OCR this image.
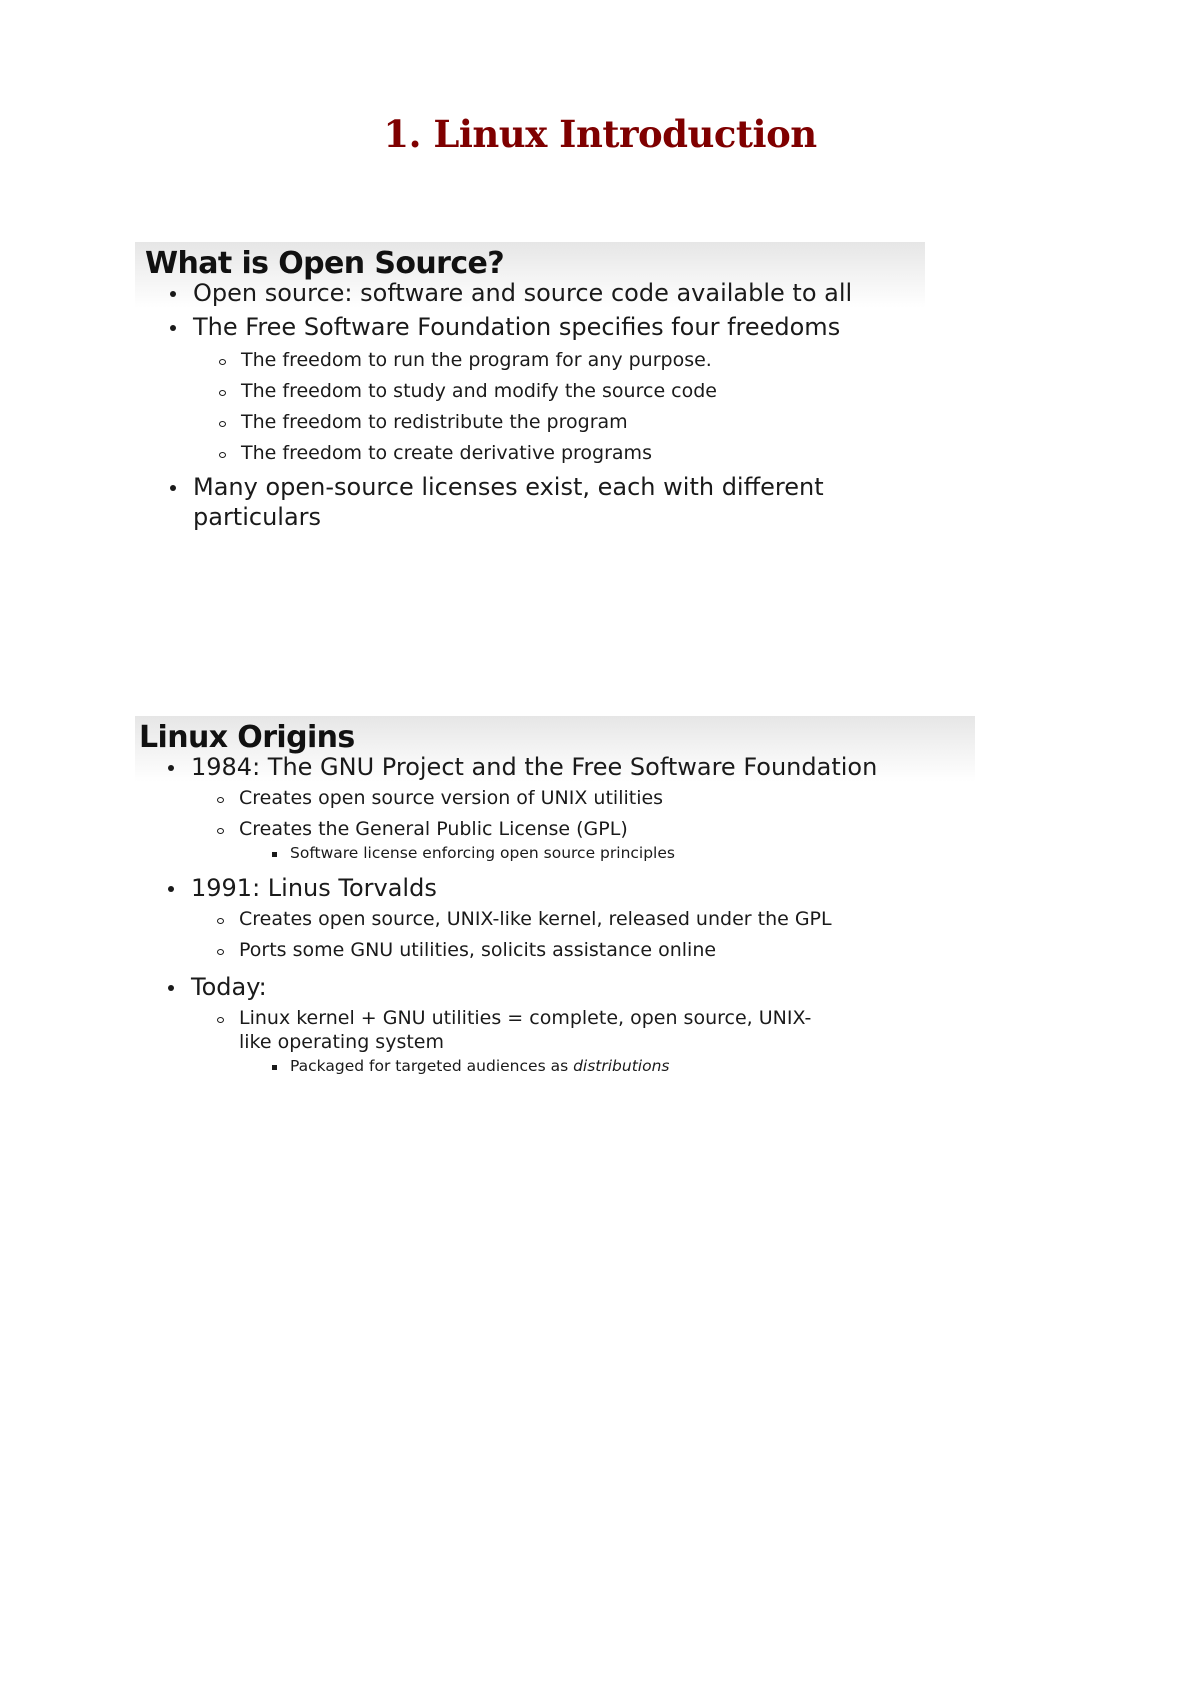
1. Linux Introduction
What is Open Source?
Open source: software and source code available to all
The Free Software Foundation specifies four freedoms
The freedom to run the program for any purpose.
The freedom to study and modify the source code
The freedom to redistribute the program
The freedom to create derivative programs
Many open-source licenses exist, each with different particulars
Linux Origins
1984: The GNU Project and the Free Software Foundation
Creates open source version of UNIX utilities
Creates the General Public License (GPL)
Software license enforcing open source principles
1991: Linus Torvalds
Creates open source, UNIX-like kernel, released under the GPL
Ports some GNU utilities, solicits assistance online
Today:
Linux kernel + GNU utilities = complete, open source, UNIX-like operating system
Packaged for targeted audiences as distributions
